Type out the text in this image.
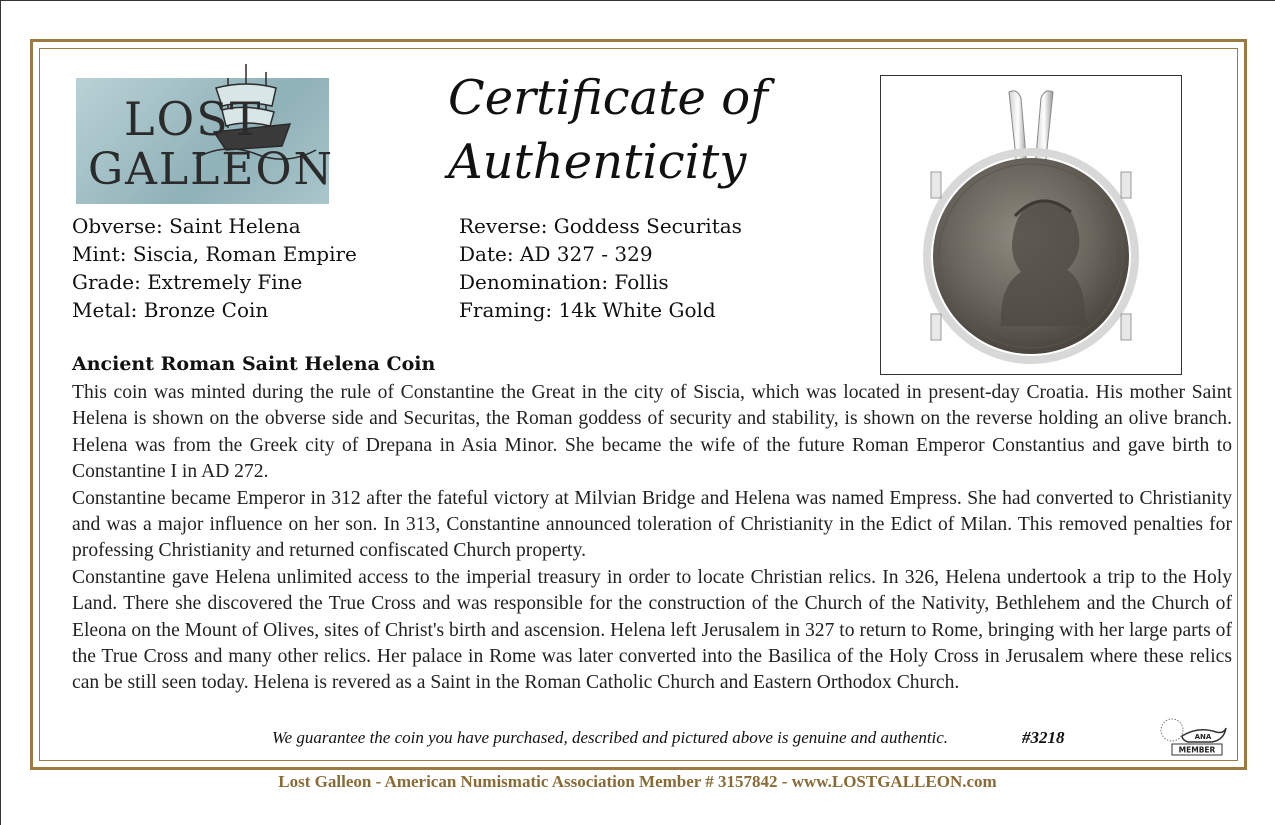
LOST
GALLEON
Certificate of
Authenticity
Obverse: Saint Helena
Mint: Siscia, Roman Empire
Grade: Extremely Fine
Metal: Bronze Coin
Reverse: Goddess Securitas
Date: AD 327 - 329
Denomination: Follis
Framing: 14k White Gold
Ancient Roman Saint Helena Coin

This coin was minted during the rule of Constantine the Great in the city of Siscia, which was located in present-day Croatia. His mother Saint Helena is shown on the obverse side and Securitas, the Roman goddess of security and stability, is shown on the reverse holding an olive branch. Helena was from the Greek city of Drepana in Asia Minor. She became the wife of the future Roman Emperor Constantius and gave birth to Constantine I in AD 272.

Constantine became Emperor in 312 after the fateful victory at Milvian Bridge and Helena was named Empress. She had converted to Christianity and was a major influence on her son. In 313, Constantine announced toleration of Christianity in the Edict of Milan. This removed penalties for professing Christianity and returned confiscated Church property.

Constantine gave Helena unlimited access to the imperial treasury in order to locate Christian relics. In 326, Helena undertook a trip to the Holy Land. There she discovered the True Cross and was responsible for the construction of the Church of the Nativity, Bethlehem and the Church of Eleona on the Mount of Olives, sites of Christ's birth and ascension. Helena left Jerusalem in 327 to return to Rome, bringing with her large parts of the True Cross and many other relics. Her palace in Rome was later converted into the Basilica of the Holy Cross in Jerusalem where these relics can be still seen today. Helena is revered as a Saint in the Roman Catholic Church and Eastern Orthodox Church.

We guarantee the coin you have purchased, described and pictured above is genuine and authentic.	#3218	ANA
MEMBER
Lost Galleon - American Numismatic Association Member # 3157842 - www.LOSTGALLEON.com
